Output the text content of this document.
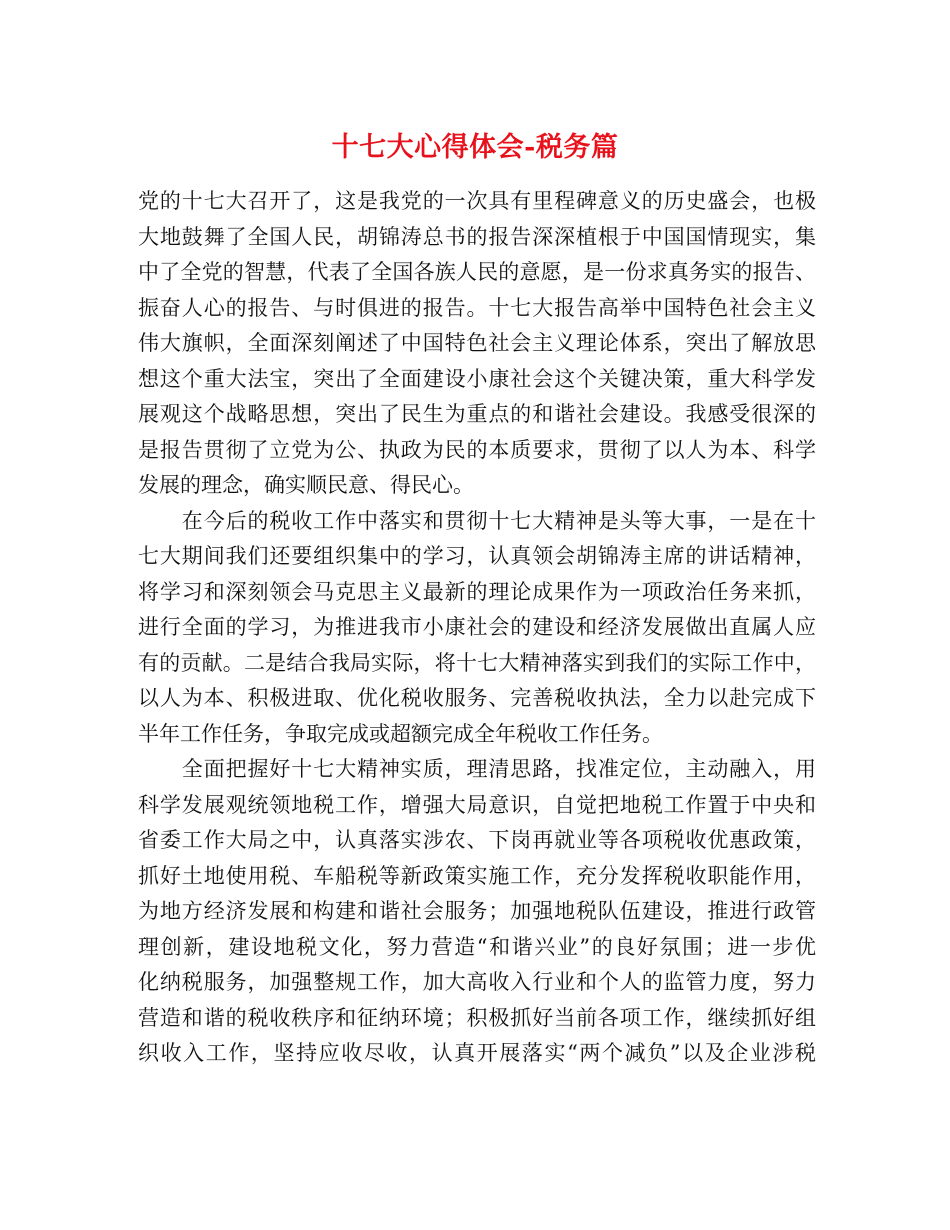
十七大心得体会-税务篇
党的十七大召开了，这是我党的一次具有里程碑意义的历史盛会，也极
大地鼓舞了全国人民，胡锦涛总书的报告深深植根于中国国情现实，集
中了全党的智慧，代表了全国各族人民的意愿，是一份求真务实的报告、
振奋人心的报告、与时俱进的报告。十七大报告高举中国特色社会主义
伟大旗帜，全面深刻阐述了中国特色社会主义理论体系，突出了解放思
想这个重大法宝，突出了全面建设小康社会这个关键决策，重大科学发
展观这个战略思想，突出了民生为重点的和谐社会建设。我感受很深的
是报告贯彻了立党为公、执政为民的本质要求，贯彻了以人为本、科学
发展的理念，确实顺民意、得民心。
　　在今后的税收工作中落实和贯彻十七大精神是头等大事，一是在十
七大期间我们还要组织集中的学习，认真领会胡锦涛主席的讲话精神，
将学习和深刻领会马克思主义最新的理论成果作为一项政治任务来抓，
进行全面的学习，为推进我市小康社会的建设和经济发展做出直属人应
有的贡献。二是结合我局实际，将十七大精神落实到我们的实际工作中，
以人为本、积极进取、优化税收服务、完善税收执法，全力以赴完成下
半年工作任务，争取完成或超额完成全年税收工作任务。
　　全面把握好十七大精神实质，理清思路，找准定位，主动融入，用
科学发展观统领地税工作，增强大局意识，自觉把地税工作置于中央和
省委工作大局之中，认真落实涉农、下岗再就业等各项税收优惠政策，
抓好土地使用税、车船税等新政策实施工作，充分发挥税收职能作用，
为地方经济发展和构建和谐社会服务；加强地税队伍建设，推进行政管
理创新，建设地税文化，努力营造“和谐兴业”的良好氛围；进一步优
化纳税服务，加强整规工作，加大高收入行业和个人的监管力度，努力
营造和谐的税收秩序和征纳环境；积极抓好当前各项工作，继续抓好组
织收入工作，坚持应收尽收，认真开展落实“两个减负”以及企业涉税
